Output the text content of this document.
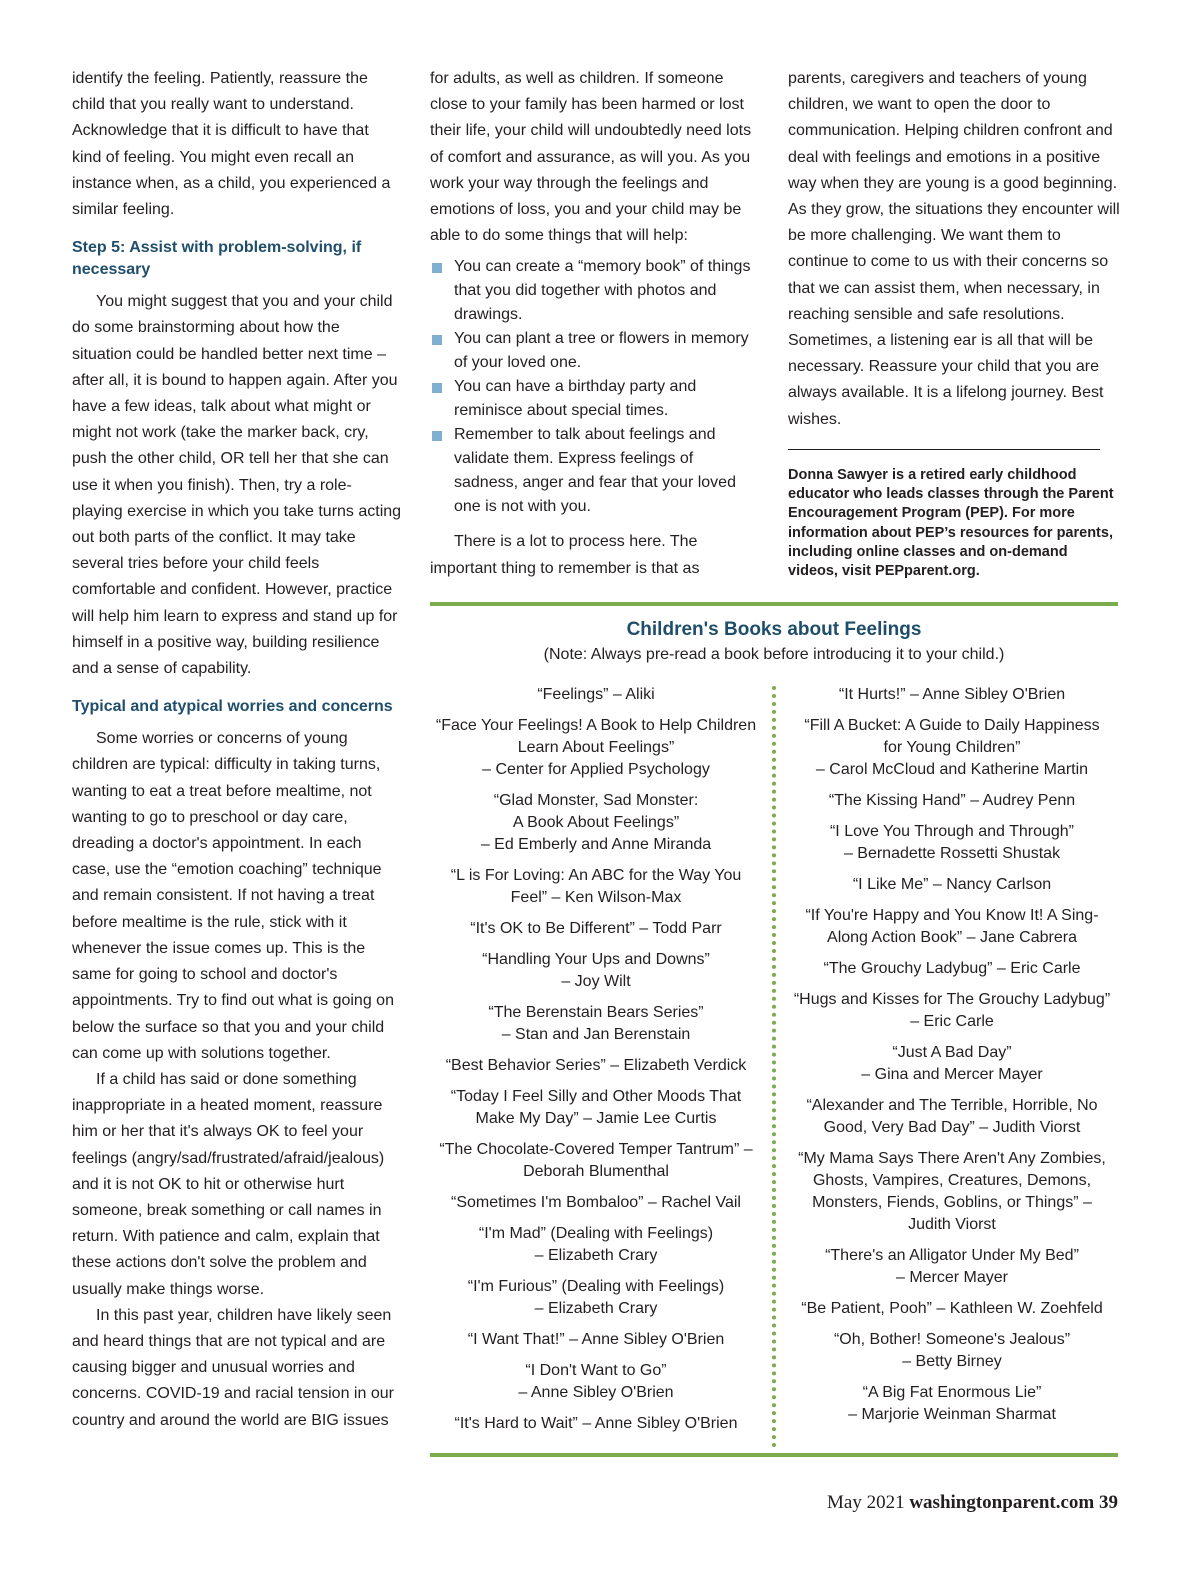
identify the feeling. Patiently, reassure the child that you really want to understand. Acknowledge that it is difficult to have that kind of feeling. You might even recall an instance when, as a child, you experienced a similar feeling.

Step 5: Assist with problem-solving, if necessary

You might suggest that you and your child do some brainstorming about how the situation could be handled better next time – after all, it is bound to happen again. After you have a few ideas, talk about what might or might not work (take the marker back, cry, push the other child, OR tell her that she can use it when you finish). Then, try a role-playing exercise in which you take turns acting out both parts of the conflict. It may take several tries before your child feels comfortable and confident. However, practice will help him learn to express and stand up for himself in a positive way, building resilience and a sense of capability.

Typical and atypical worries and concerns

Some worries or concerns of young children are typical: difficulty in taking turns, wanting to eat a treat before mealtime, not wanting to go to preschool or day care, dreading a doctor's appointment. In each case, use the “emotion coaching” technique and remain consistent. If not having a treat before mealtime is the rule, stick with it whenever the issue comes up. This is the same for going to school and doctor's appointments. Try to find out what is going on below the surface so that you and your child can come up with solutions together.

If a child has said or done something inappropriate in a heated moment, reassure him or her that it's always OK to feel your feelings (angry/sad/frustrated/afraid/jealous) and it is not OK to hit or otherwise hurt someone, break something or call names in return. With patience and calm, explain that these actions don't solve the problem and usually make things worse.

In this past year, children have likely seen and heard things that are not typical and are causing bigger and unusual worries and concerns. COVID-19 and racial tension in our country and around the world are BIG issues

for adults, as well as children. If someone close to your family has been harmed or lost their life, your child will undoubtedly need lots of comfort and assurance, as will you. As you work your way through the feelings and emotions of loss, you and your child may be able to do some things that will help:

You can create a “memory book” of things that you did together with photos and drawings.
You can plant a tree or flowers in memory of your loved one.
You can have a birthday party and reminisce about special times.
Remember to talk about feelings and validate them. Express feelings of sadness, anger and fear that your loved one is not with you.

There is a lot to process here. The important thing to remember is that as

parents, caregivers and teachers of young children, we want to open the door to communication. Helping children confront and deal with feelings and emotions in a positive way when they are young is a good beginning. As they grow, the situations they encounter will be more challenging. We want them to continue to come to us with their concerns so that we can assist them, when necessary, in reaching sensible and safe resolutions. Sometimes, a listening ear is all that will be necessary. Reassure your child that you are always available. It is a lifelong journey. Best wishes.

Donna Sawyer is a retired early childhood educator who leads classes through the Parent Encouragement Program (PEP). For more information about PEP’s resources for parents, including online classes and on-demand videos, visit PEPparent.org.

Children's Books about Feelings
(Note: Always pre-read a book before introducing it to your child.)
“Feelings” – Aliki
“Face Your Feelings! A Book to Help Children
Learn About Feelings”
– Center for Applied Psychology
“Glad Monster, Sad Monster:
A Book About Feelings”
– Ed Emberly and Anne Miranda
“L is For Loving: An ABC for the Way You
Feel” – Ken Wilson-Max
“It's OK to Be Different” – Todd Parr
“Handling Your Ups and Downs”
– Joy Wilt
“The Berenstain Bears Series”
– Stan and Jan Berenstain
“Best Behavior Series” – Elizabeth Verdick
“Today I Feel Silly and Other Moods That
Make My Day” – Jamie Lee Curtis
“The Chocolate-Covered Temper Tantrum” –
Deborah Blumenthal
“Sometimes I'm Bombaloo” – Rachel Vail
“I'm Mad” (Dealing with Feelings)
– Elizabeth Crary
“I'm Furious” (Dealing with Feelings)
– Elizabeth Crary
“I Want That!” – Anne Sibley O'Brien
“I Don't Want to Go”
– Anne Sibley O'Brien
“It's Hard to Wait” – Anne Sibley O'Brien
“It Hurts!” – Anne Sibley O'Brien
“Fill A Bucket: A Guide to Daily Happiness
for Young Children”
– Carol McCloud and Katherine Martin
“The Kissing Hand” – Audrey Penn
“I Love You Through and Through”
– Bernadette Rossetti Shustak
“I Like Me” – Nancy Carlson
“If You're Happy and You Know It! A Sing-
Along Action Book” – Jane Cabrera
“The Grouchy Ladybug” – Eric Carle
“Hugs and Kisses for The Grouchy Ladybug”
– Eric Carle
“Just A Bad Day”
– Gina and Mercer Mayer
“Alexander and The Terrible, Horrible, No
Good, Very Bad Day” – Judith Viorst
“My Mama Says There Aren't Any Zombies,
Ghosts, Vampires, Creatures, Demons,
Monsters, Fiends, Goblins, or Things” –
Judith Viorst
“There's an Alligator Under My Bed”
– Mercer Mayer
“Be Patient, Pooh” – Kathleen W. Zoehfeld
“Oh, Bother! Someone's Jealous”
– Betty Birney
“A Big Fat Enormous Lie”
– Marjorie Weinman Sharmat
May 2021 washingtonparent.com 39
